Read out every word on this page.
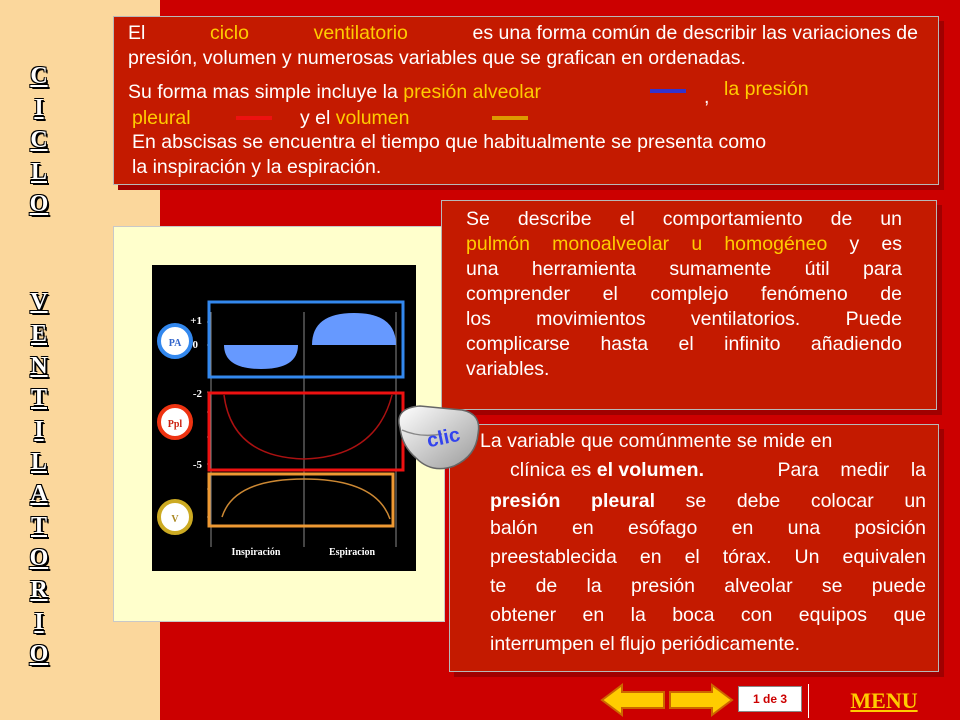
C
I
C
L
O
V
E
N
T
I
L
A
T
O
R
I
O
El	ciclo	ventilatorio	es una forma común de describir las variaciones de
presión, volumen y numerosas variables que se grafican en ordenadas.
Su forma mas simple incluye la presión alveolar	, la presión
pleural	y el volumen
En abscisas se encuentra el tiempo que habitualmente se presenta como
la inspiración y la espiración.
PA
Ppl
V
+1
0
-2
-5
Inspiración	Espiracion
Se describe el comportamiento de un
pulmón monoalveolar u homogéneo y es
una herramienta sumamente útil para
comprender el complejo fenómeno de
los movimientos ventilatorios. Puede
complicarse hasta el infinito añadiendo
variables.
La variable que comúnmente se mide en
clínica es el volumen.	Para    medir    la
presión pleural se debe colocar un
balón en esófago en una posición
preestablecida en el tórax. Un equivalen
te de la presión alveolar se puede
obtener en la boca con equipos que
interrumpen el flujo periódicamente.
clic
1 de 3	MENU
